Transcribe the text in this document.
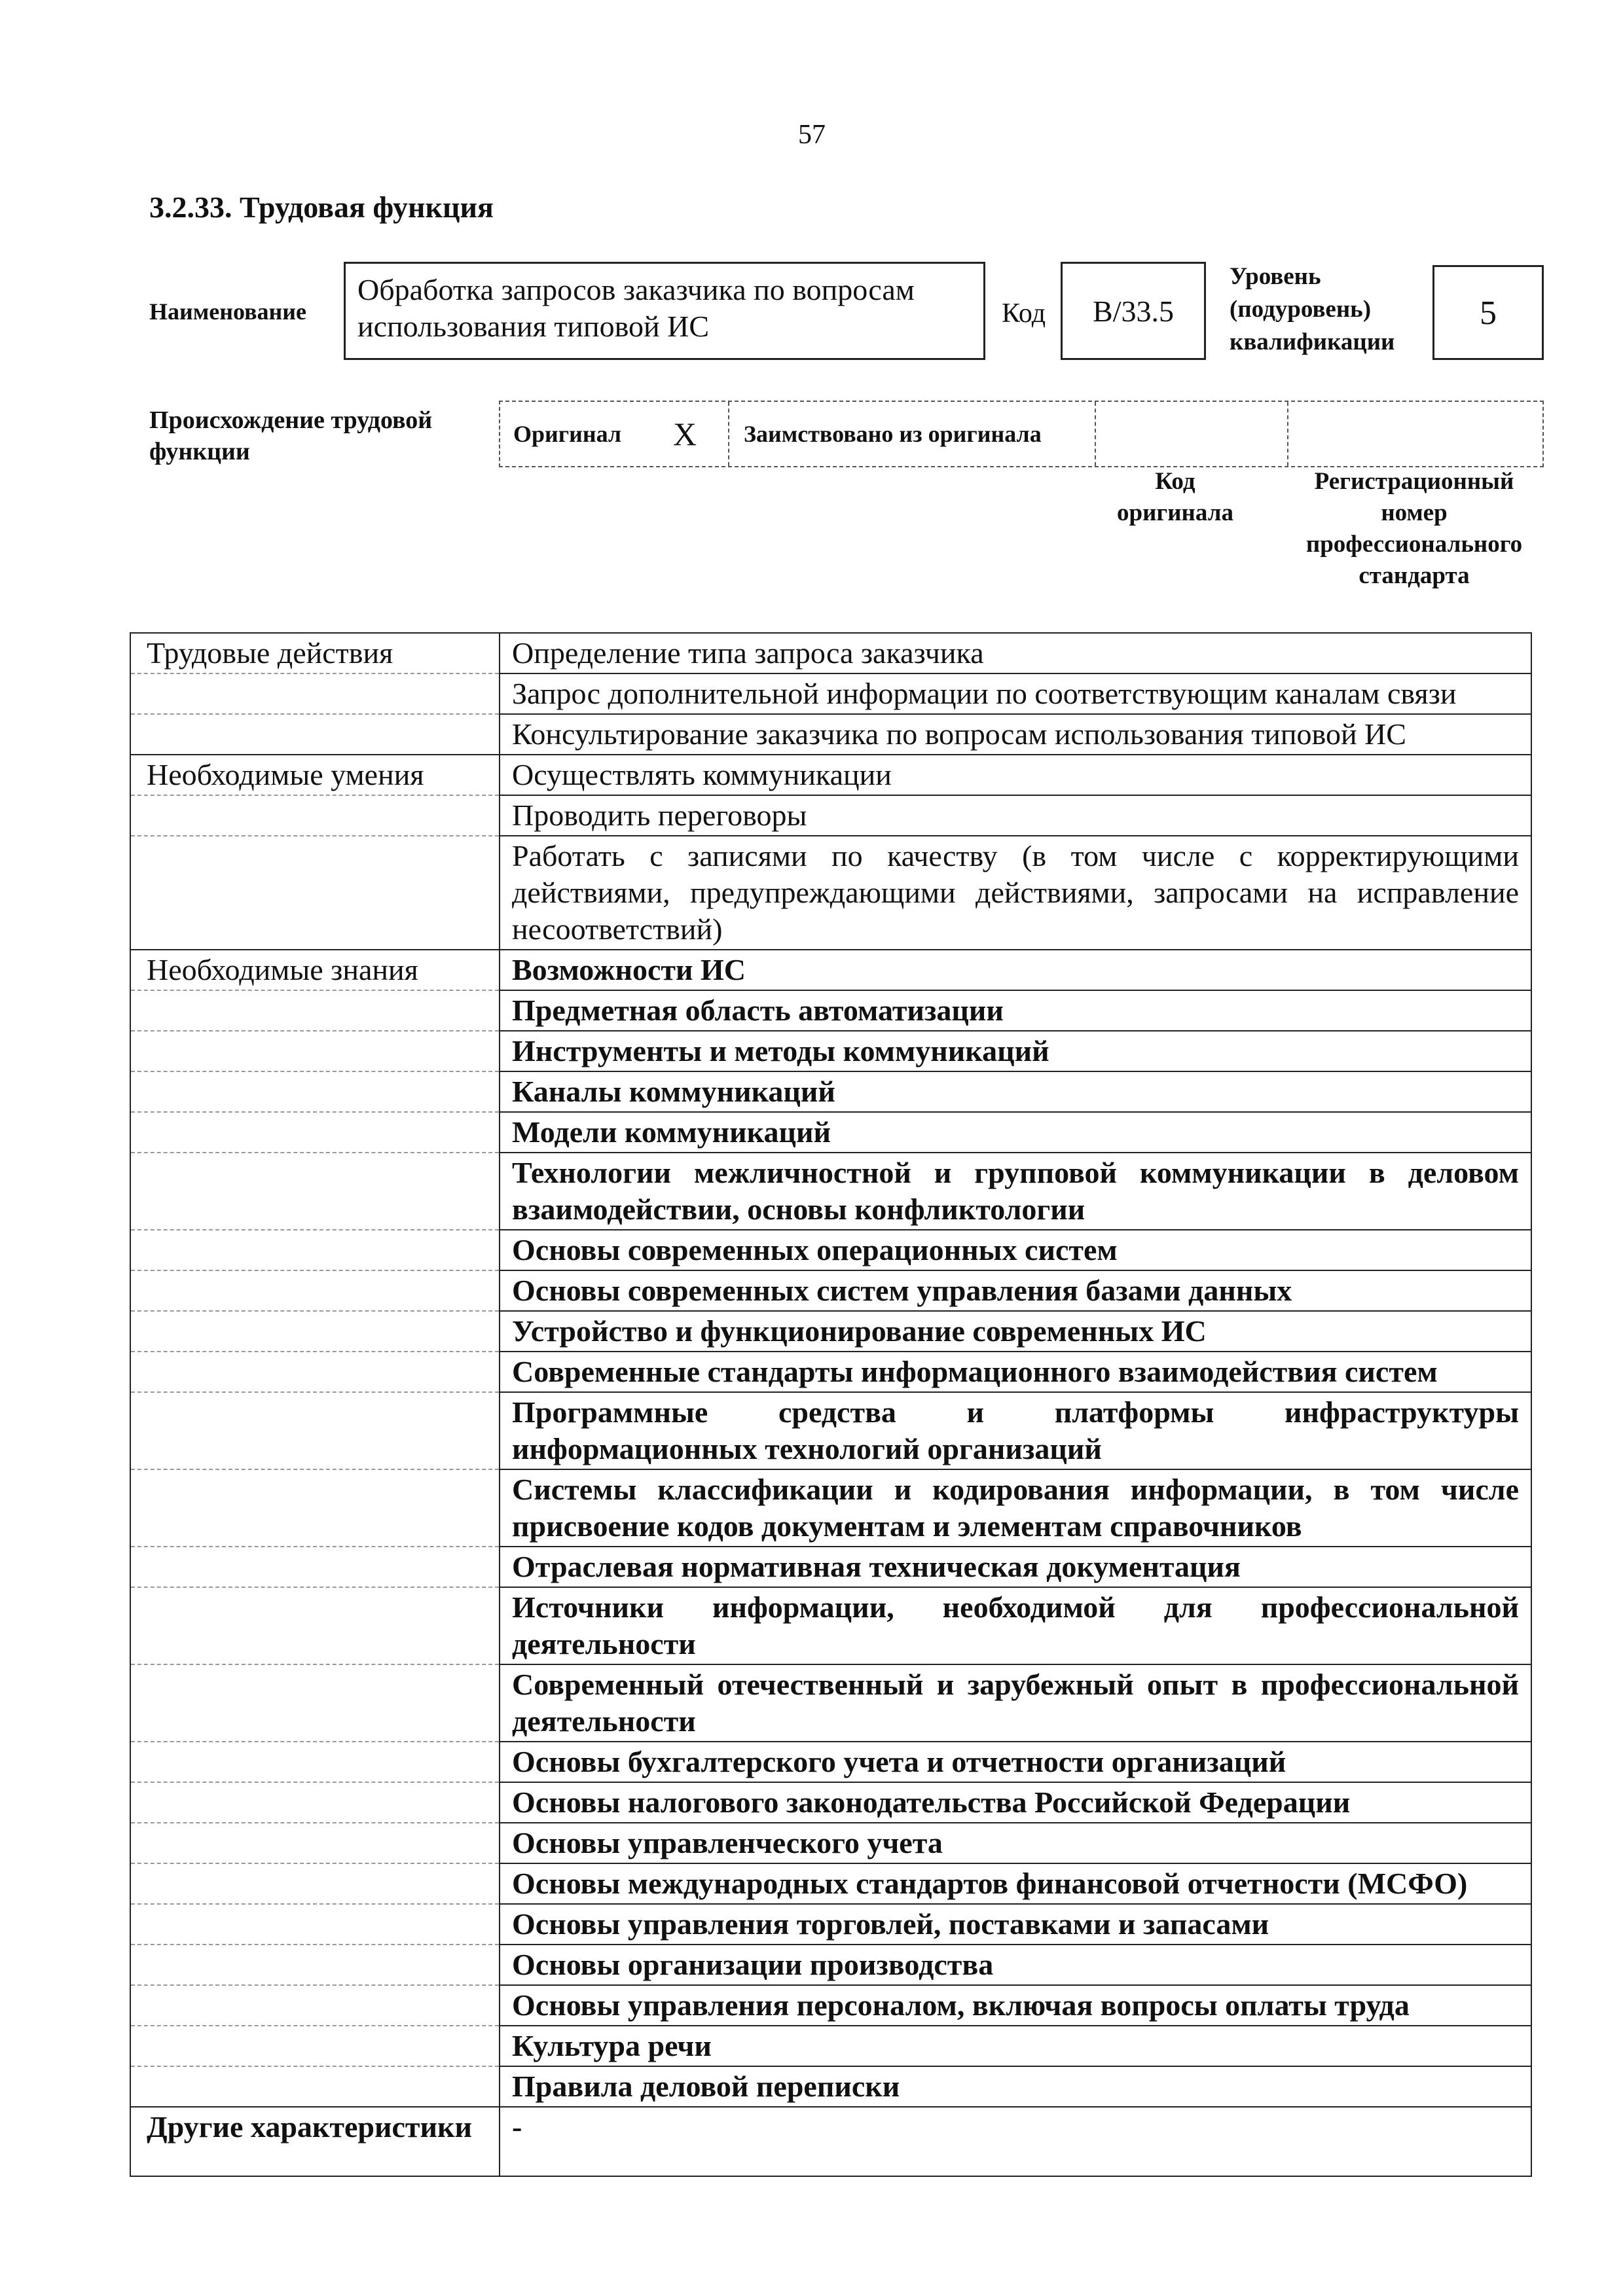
57
3.2.33. Трудовая функция
Наименование
Обработка запросов заказчика по вопросам использования типовой ИС	Код	B/33.5
Уровень (подуровень) квалификации
5
Происхождение трудовой функции
Оригинал X	Заимствовано из оригинала
Код оригинала
Регистрационный номер профессионального стандарта
Трудовые действия	Определение типа запроса заказчика
	Запрос дополнительной информации по соответствующим каналам связи
	Консультирование заказчика по вопросам использования типовой ИС
Необходимые умения	Осуществлять коммуникации
	Проводить переговоры
	Работать с записями по качеству (в том числе с корректирующими действиями, предупреждающими действиями, запросами на исправление несоответствий)
Необходимые знания	Возможности ИС
	Предметная область автоматизации
	Инструменты и методы коммуникаций
	Каналы коммуникаций
	Модели коммуникаций
	Технологии межличностной и групповой коммуникации в деловом взаимодействии, основы конфликтологии
	Основы современных операционных систем
	Основы современных систем управления базами данных
	Устройство и функционирование современных ИС
	Современные стандарты информационного взаимодействия систем
	Программные средства и платформы инфраструктуры информационных технологий организаций
	Системы классификации и кодирования информации, в том числе присвоение кодов документам и элементам справочников
	Отраслевая нормативная техническая документация
	Источники информации, необходимой для профессиональной деятельности
	Современный отечественный и зарубежный опыт в профессиональной деятельности
	Основы бухгалтерского учета и отчетности организаций
	Основы налогового законодательства Российской Федерации
	Основы управленческого учета
	Основы международных стандартов финансовой отчетности (МСФО)
	Основы управления торговлей, поставками и запасами
	Основы организации производства
	Основы управления персоналом, включая вопросы оплаты труда
	Культура речи
	Правила деловой переписки
Другие характеристики	-
